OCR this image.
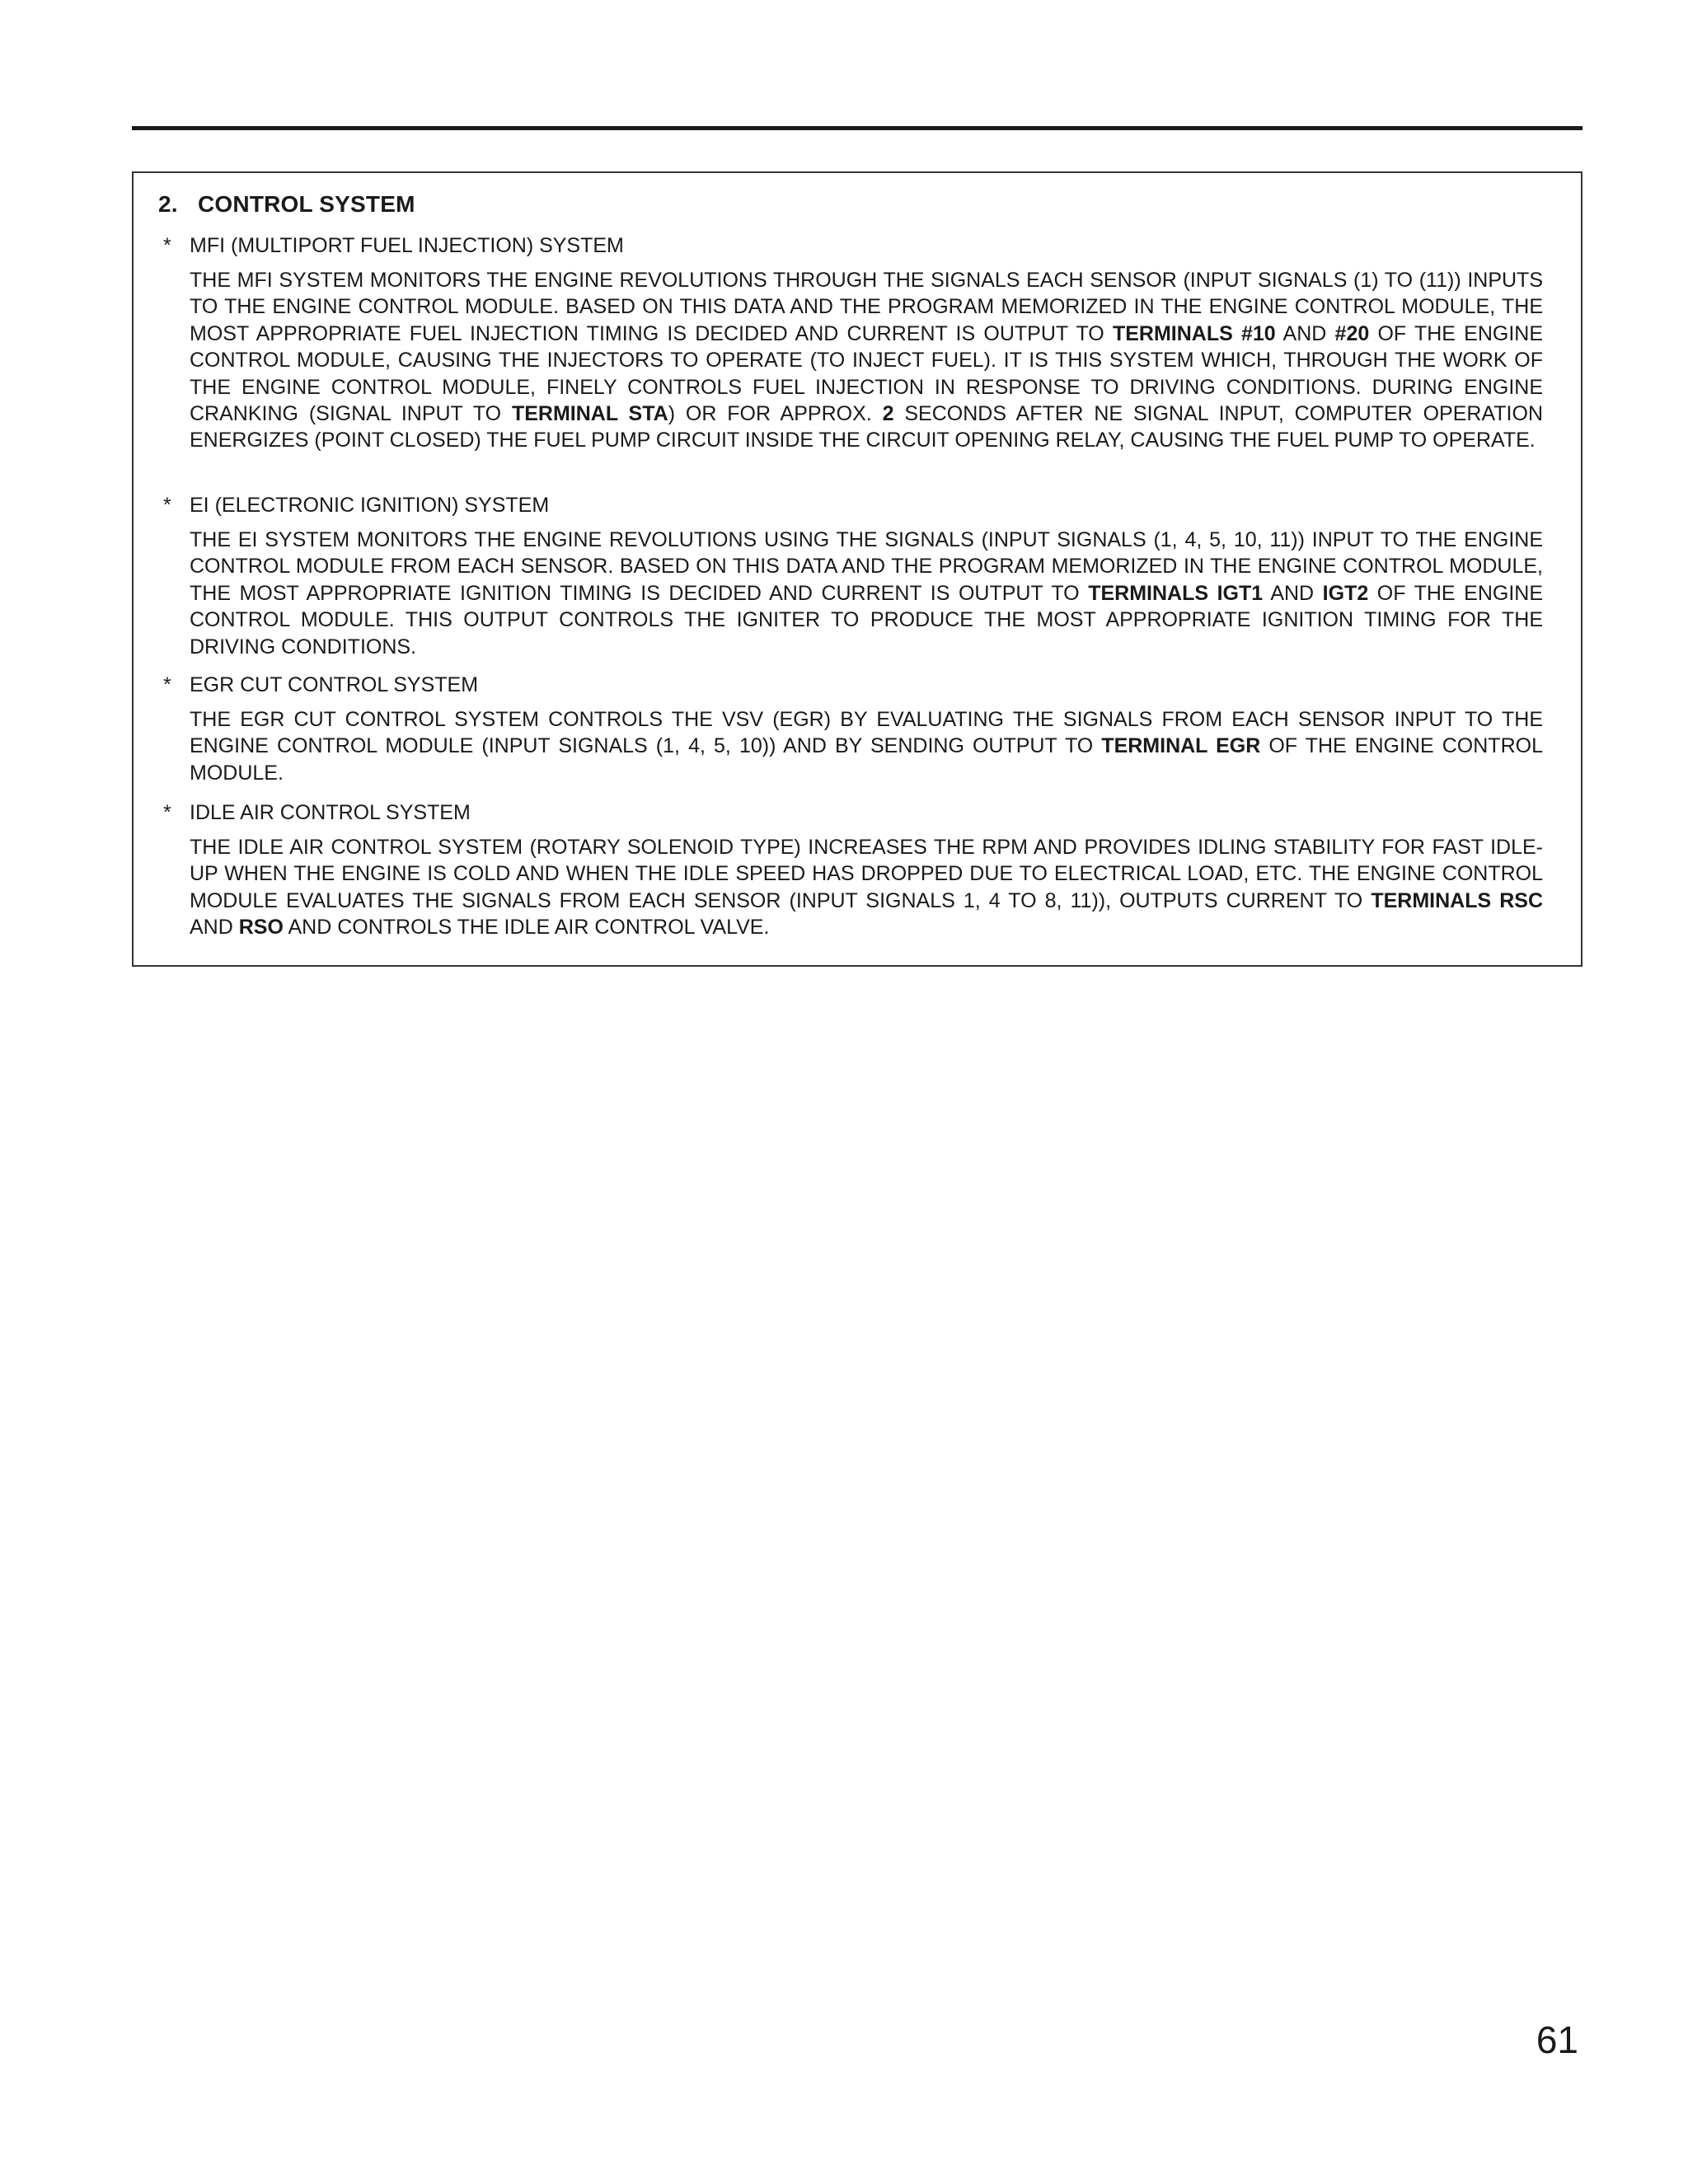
2. CONTROL SYSTEM
* MFI (MULTIPORT FUEL INJECTION) SYSTEM
THE MFI SYSTEM MONITORS THE ENGINE REVOLUTIONS THROUGH THE SIGNALS EACH SENSOR (INPUT SIGNALS (1) TO (11)) INPUTS TO THE ENGINE CONTROL MODULE. BASED ON THIS DATA AND THE PROGRAM MEMORIZED IN THE ENGINE CONTROL MODULE, THE MOST APPROPRIATE FUEL INJECTION TIMING IS DECIDED AND CURRENT IS OUTPUT TO TERMINALS #10 AND #20 OF THE ENGINE CONTROL MODULE, CAUSING THE INJECTORS TO OPERATE (TO INJECT FUEL). IT IS THIS SYSTEM WHICH, THROUGH THE WORK OF THE ENGINE CONTROL MODULE, FINELY CONTROLS FUEL INJECTION IN RESPONSE TO DRIVING CONDITIONS. DURING ENGINE CRANKING (SIGNAL INPUT TO TERMINAL STA) OR FOR APPROX. 2 SECONDS AFTER NE SIGNAL INPUT, COMPUTER OPERATION ENERGIZES (POINT CLOSED) THE FUEL PUMP CIRCUIT INSIDE THE CIRCUIT OPENING RELAY, CAUSING THE FUEL PUMP TO OPERATE.
* EI (ELECTRONIC IGNITION) SYSTEM
THE EI SYSTEM MONITORS THE ENGINE REVOLUTIONS USING THE SIGNALS (INPUT SIGNALS (1, 4, 5, 10, 11)) INPUT TO THE ENGINE CONTROL MODULE FROM EACH SENSOR. BASED ON THIS DATA AND THE PROGRAM MEMORIZED IN THE ENGINE CONTROL MODULE, THE MOST APPROPRIATE IGNITION TIMING IS DECIDED AND CURRENT IS OUTPUT TO TERMINALS IGT1 AND IGT2 OF THE ENGINE CONTROL MODULE. THIS OUTPUT CONTROLS THE IGNITER TO PRODUCE THE MOST APPROPRIATE IGNITION TIMING FOR THE DRIVING CONDITIONS.
* EGR CUT CONTROL SYSTEM
THE EGR CUT CONTROL SYSTEM CONTROLS THE VSV (EGR) BY EVALUATING THE SIGNALS FROM EACH SENSOR INPUT TO THE ENGINE CONTROL MODULE (INPUT SIGNALS (1, 4, 5, 10)) AND BY SENDING OUTPUT TO TERMINAL EGR OF THE ENGINE CONTROL MODULE.
* IDLE AIR CONTROL SYSTEM
THE IDLE AIR CONTROL SYSTEM (ROTARY SOLENOID TYPE) INCREASES THE RPM AND PROVIDES IDLING STABILITY FOR FAST IDLE-UP WHEN THE ENGINE IS COLD AND WHEN THE IDLE SPEED HAS DROPPED DUE TO ELECTRICAL LOAD, ETC. THE ENGINE CONTROL MODULE EVALUATES THE SIGNALS FROM EACH SENSOR (INPUT SIGNALS 1, 4 TO 8, 11)), OUTPUTS CURRENT TO TERMINALS RSC AND RSO AND CONTROLS THE IDLE AIR CONTROL VALVE.
61
